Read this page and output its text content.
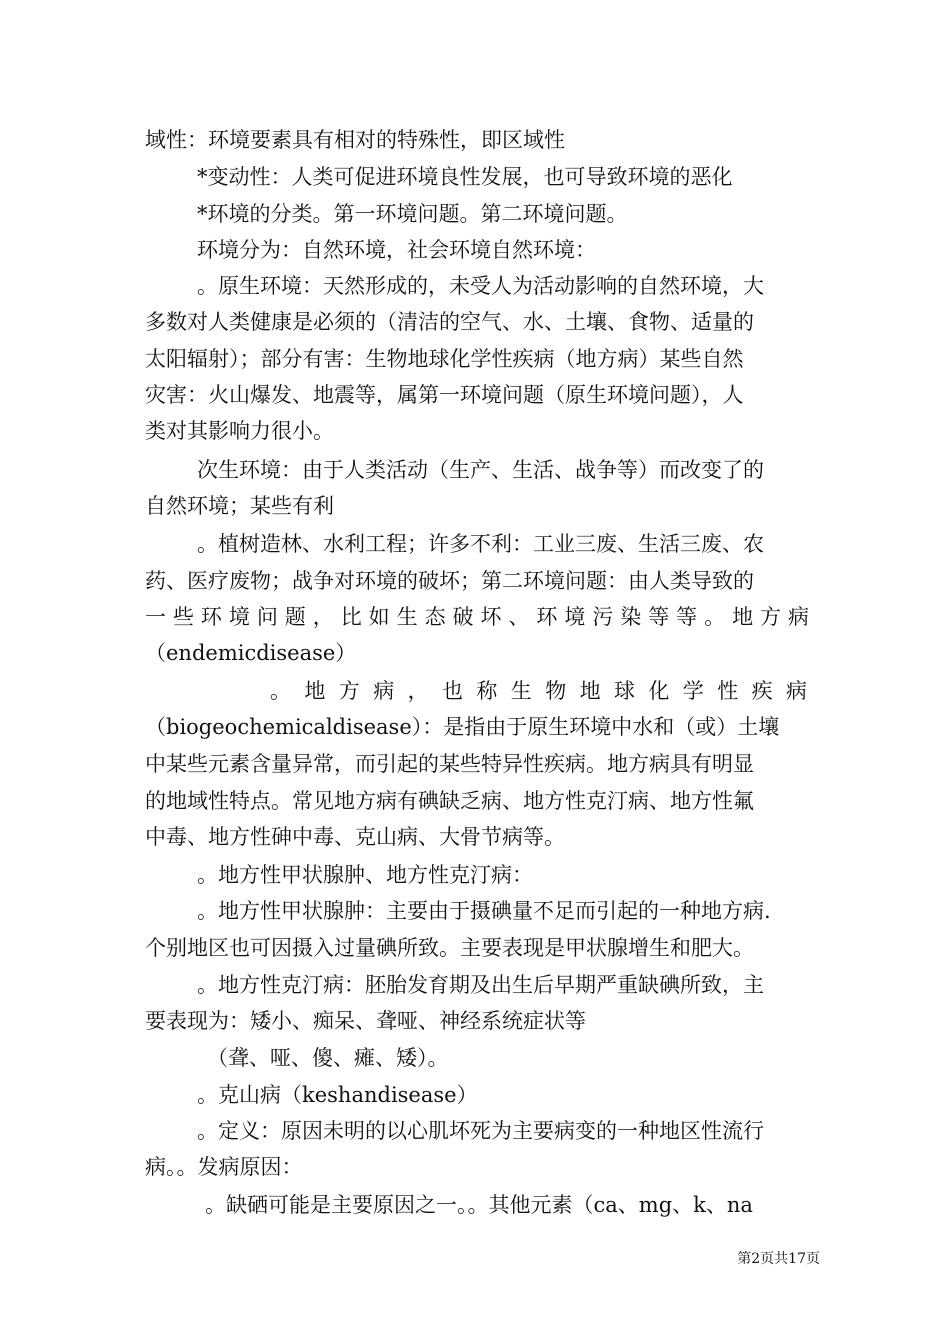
域性：环境要素具有相对的特殊性，即区域性
*变动性：人类可促进环境良性发展，也可导致环境的恶化
*环境的分类。第一环境问题。第二环境问题。
环境分为：自然环境，社会环境自然环境：
。原生环境：天然形成的，未受人为活动影响的自然环境，大
多数对人类健康是必须的（清洁的空气、水、土壤、食物、适量的
太阳辐射）；部分有害：生物地球化学性疾病（地方病）某些自然
灾害：火山爆发、地震等，属第一环境问题（原生环境问题），人
类对其影响力很小。
次生环境：由于人类活动（生产、生活、战争等）而改变了的
自然环境；某些有利
。植树造林、水利工程；许多不利：工业三废、生活三废、农
药、医疗废物；战争对环境的破坏；第二环境问题：由人类导致的
一些环境问题，比如生态破坏、环境污染等等。地方病
（endemicdisease）
。地方病，也称生物地球化学性疾病
（biogeochemicaldisease）：是指由于原生环境中水和（或）土壤
中某些元素含量异常，而引起的某些特异性疾病。地方病具有明显
的地域性特点。常见地方病有碘缺乏病、地方性克汀病、地方性氟
中毒、地方性砷中毒、克山病、大骨节病等。
。地方性甲状腺肿、地方性克汀病：
。地方性甲状腺肿：主要由于摄碘量不足而引起的一种地方病.
个别地区也可因摄入过量碘所致。主要表现是甲状腺增生和肥大。
。地方性克汀病：胚胎发育期及出生后早期严重缺碘所致，主
要表现为：矮小、痴呆、聋哑、神经系统症状等
（聋、哑、傻、瘫、矮）。
。克山病（keshandisease）
。定义：原因未明的以心肌坏死为主要病变的一种地区性流行
病。。发病原因：
。缺硒可能是主要原因之一。。其他元素（ca、mg、k、na
第2页共17页
